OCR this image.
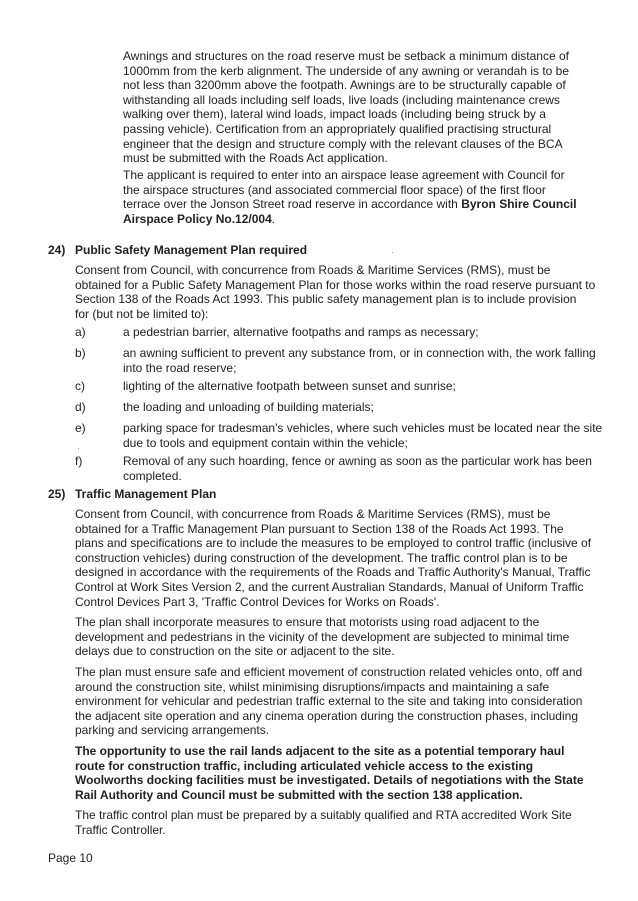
Awnings and structures on the road reserve must be setback a minimum distance of
1000mm from the kerb alignment. The underside of any awning or verandah is to be
not less than 3200mm above the footpath. Awnings are to be structurally capable of
withstanding all loads including self loads, live loads (including maintenance crews
walking over them), lateral wind loads, impact loads (including being struck by a
passing vehicle). Certification from an appropriately qualified practising structural
engineer that the design and structure comply with the relevant clauses of the BCA
must be submitted with the Roads Act application.
The applicant is required to enter into an airspace lease agreement with Council for
the airspace structures (and associated commercial floor space) of the first floor
terrace over the Jonson Street road reserve in accordance with Byron Shire Council
Airspace Policy No.12/004.
24) Public Safety Management Plan required
Consent from Council, with concurrence from Roads & Maritime Services (RMS), must be
obtained for a Public Safety Management Plan for those works within the road reserve pursuant to
Section 138 of the Roads Act 1993. This public safety management plan is to include provision
for (but not be limited to):
a)	a pedestrian barrier, alternative footpaths and ramps as necessary;
b)	an awning sufficient to prevent any substance from, or in connection with, the work falling
into the road reserve;
c)	lighting of the alternative footpath between sunset and sunrise;
d)	the loading and unloading of building materials;
e)	parking space for tradesman's vehicles, where such vehicles must be located near the site
due to tools and equipment contain within the vehicle;
f)	Removal of any such hoarding, fence or awning as soon as the particular work has been
completed.
25) Traffic Management Plan
Consent from Council, with concurrence from Roads & Maritime Services (RMS), must be
obtained for a Traffic Management Plan pursuant to Section 138 of the Roads Act 1993. The
plans and specifications are to include the measures to be employed to control traffic (inclusive of
construction vehicles) during construction of the development. The traffic control plan is to be
designed in accordance with the requirements of the Roads and Traffic Authority's Manual, Traffic
Control at Work Sites Version 2, and the current Australian Standards, Manual of Uniform Traffic
Control Devices Part 3, 'Traffic Control Devices for Works on Roads'.
The plan shall incorporate measures to ensure that motorists using road adjacent to the
development and pedestrians in the vicinity of the development are subjected to minimal time
delays due to construction on the site or adjacent to the site.
The plan must ensure safe and efficient movement of construction related vehicles onto, off and
around the construction site, whilst minimising disruptions/impacts and maintaining a safe
environment for vehicular and pedestrian traffic external to the site and taking into consideration
the adjacent site operation and any cinema operation during the construction phases, including
parking and servicing arrangements.
The opportunity to use the rail lands adjacent to the site as a potential temporary haul
route for construction traffic, including articulated vehicle access to the existing
Woolworths docking facilities must be investigated. Details of negotiations with the State
Rail Authority and Council must be submitted with the section 138 application.
The traffic control plan must be prepared by a suitably qualified and RTA accredited Work Site
Traffic Controller.
Page 10
